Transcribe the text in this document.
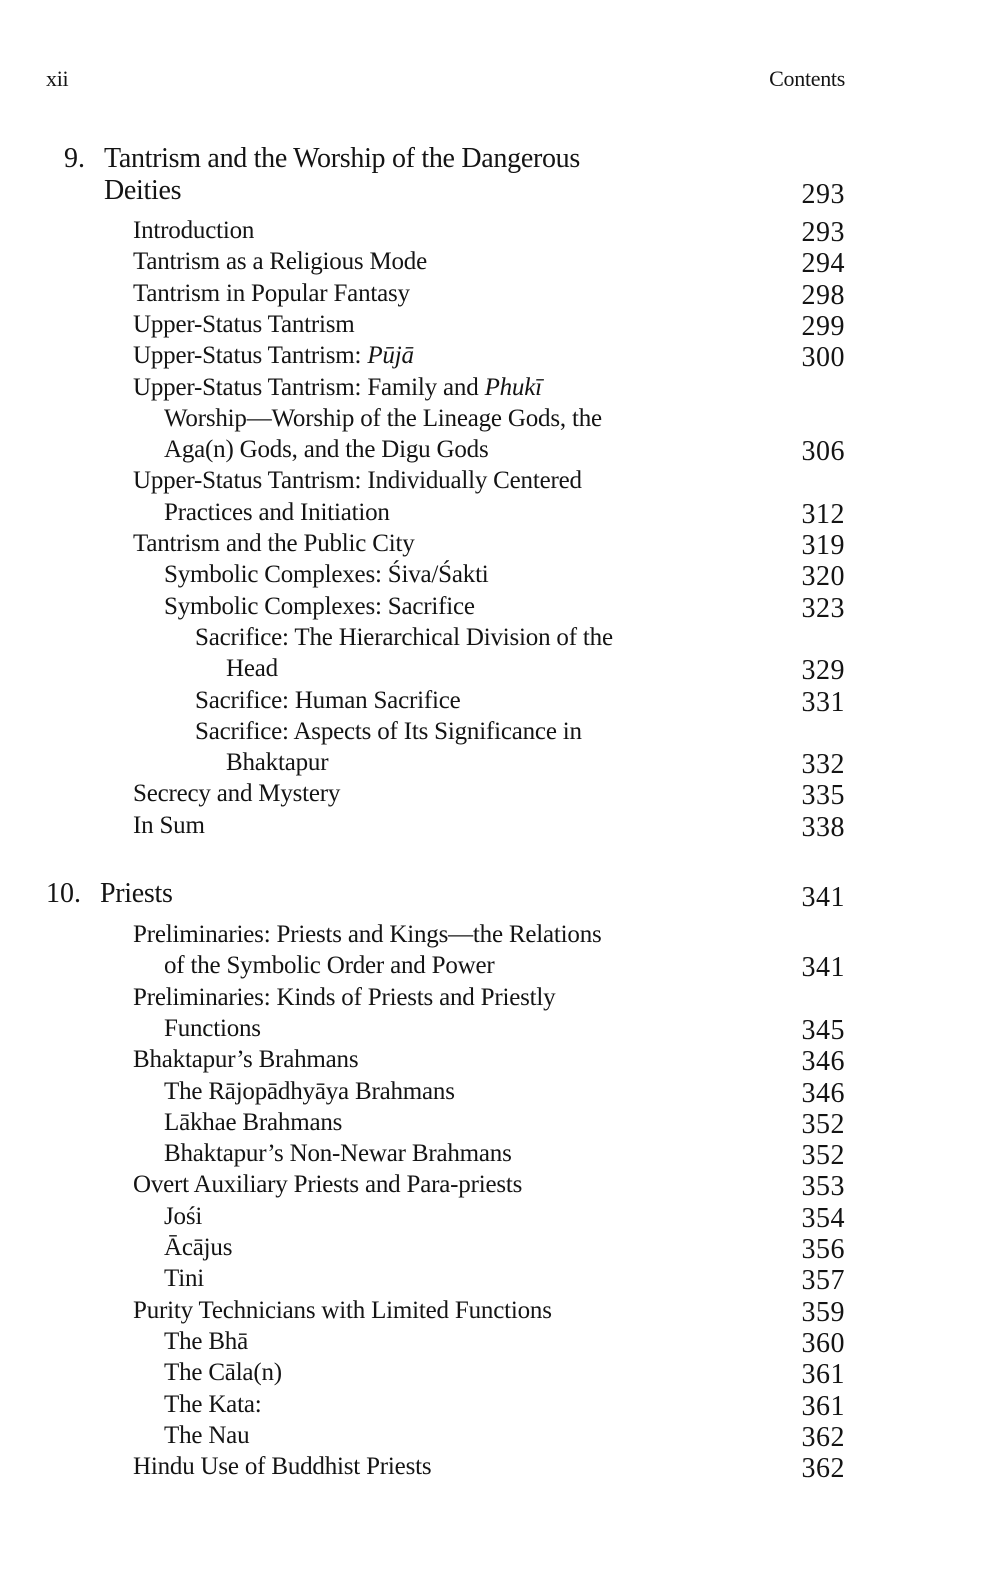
xii	Contents
9. Tantrism and the Worship of the Dangerous
Deities	293
Introduction	293
Tantrism as a Religious Mode	294
Tantrism in Popular Fantasy	298
Upper-Status Tantrism	299
Upper-Status Tantrism: Pūjā	300
Upper-Status Tantrism: Family and Phukī
Worship—Worship of the Lineage Gods, the
Aga(n) Gods, and the Digu Gods	306
Upper-Status Tantrism: Individually Centered
Practices and Initiation	312
Tantrism and the Public City	319
Symbolic Complexes: Śiva/Śakti	320
Symbolic Complexes: Sacrifice	323
Sacrifice: The Hierarchical Division of the
Head	329
Sacrifice: Human Sacrifice	331
Sacrifice: Aspects of Its Significance in
Bhaktapur	332
Secrecy and Mystery	335
In Sum	338
10. Priests	341
Preliminaries: Priests and Kings—the Relations
of the Symbolic Order and Power	341
Preliminaries: Kinds of Priests and Priestly
Functions	345
Bhaktapur’s Brahmans	346
The Rājopādhyāya Brahmans	346
Lākhae Brahmans	352
Bhaktapur’s Non-Newar Brahmans	352
Overt Auxiliary Priests and Para-priests	353
Jośi	354
Ācājus	356
Tini	357
Purity Technicians with Limited Functions	359
The Bhā	360
The Cāla(n)	361
The Kata:	361
The Nau	362
Hindu Use of Buddhist Priests	362
